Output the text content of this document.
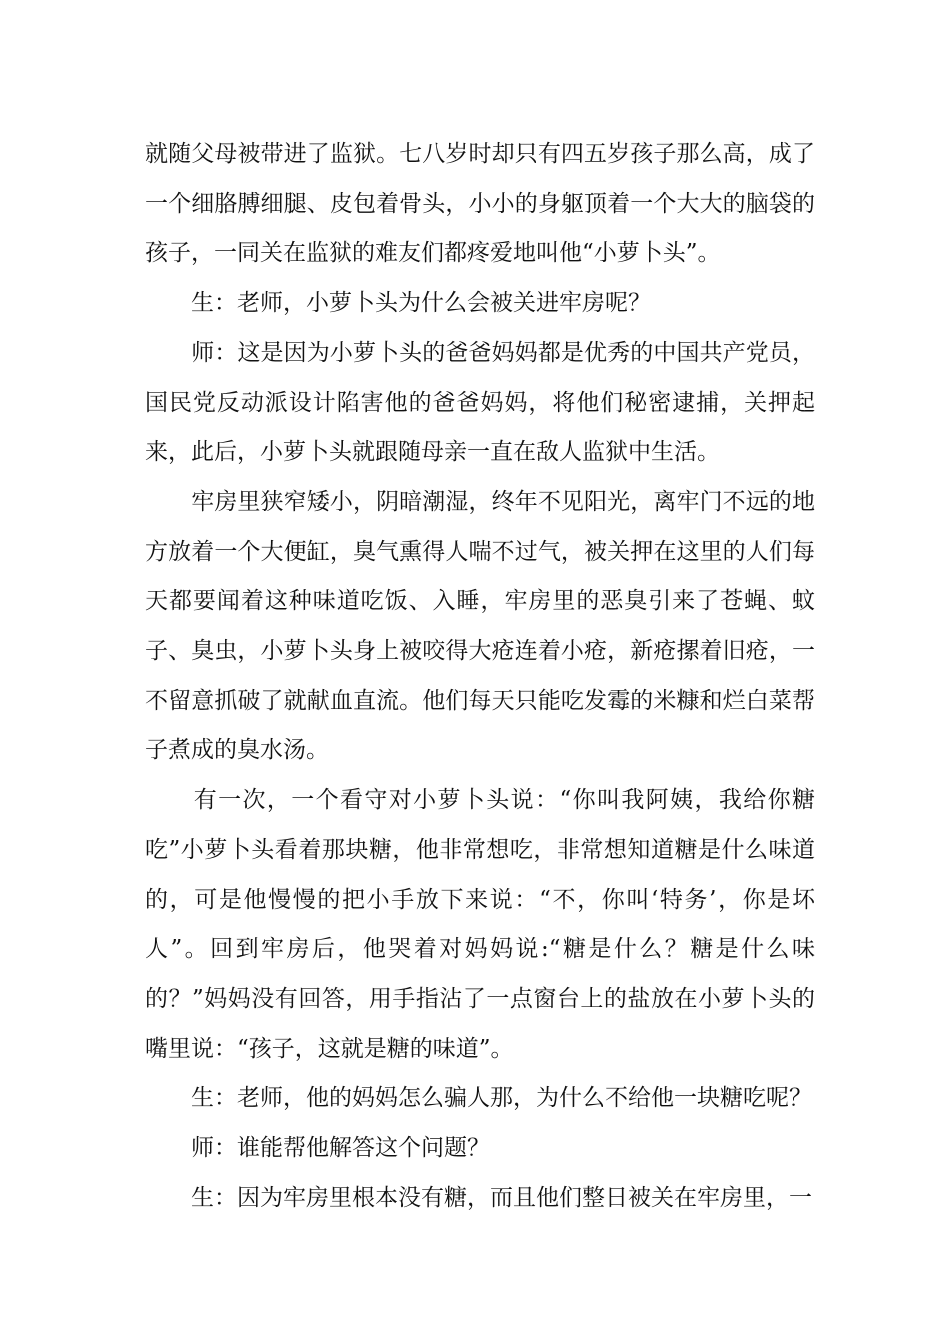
就随父母被带进了监狱。七八岁时却只有四五岁孩子那么高，成了一个细胳膊细腿、皮包着骨头，小小的身躯顶着一个大大的脑袋的孩子，一同关在监狱的难友们都疼爱地叫他“小萝卜头”。

　　生：老师，小萝卜头为什么会被关进牢房呢？

　　师：这是因为小萝卜头的爸爸妈妈都是优秀的中国共产党员，国民党反动派设计陷害他的爸爸妈妈，将他们秘密逮捕，关押起来，此后，小萝卜头就跟随母亲一直在敌人监狱中生活。

　　牢房里狭窄矮小，阴暗潮湿，终年不见阳光，离牢门不远的地方放着一个大便缸，臭气熏得人喘不过气，被关押在这里的人们每天都要闻着这种味道吃饭、入睡，牢房里的恶臭引来了苍蝇、蚊子、臭虫，小萝卜头身上被咬得大疮连着小疮，新疮摞着旧疮，一不留意抓破了就献血直流。他们每天只能吃发霉的米糠和烂白菜帮子煮成的臭水汤。

　　有一次，一个看守对小萝卜头说：“你叫我阿姨，我给你糖吃”小萝卜头看着那块糖，他非常想吃，非常想知道糖是什么味道的，可是他慢慢的把小手放下来说：“不，你叫‘特务’，你是坏人”。回到牢房后，他哭着对妈妈说:“糖是什么？糖是什么味的？”妈妈没有回答，用手指沾了一点窗台上的盐放在小萝卜头的嘴里说：“孩子，这就是糖的味道”。

　　生：老师，他的妈妈怎么骗人那，为什么不给他一块糖吃呢？

　　师：谁能帮他解答这个问题？

　　生：因为牢房里根本没有糖，而且他们整日被关在牢房里，一
